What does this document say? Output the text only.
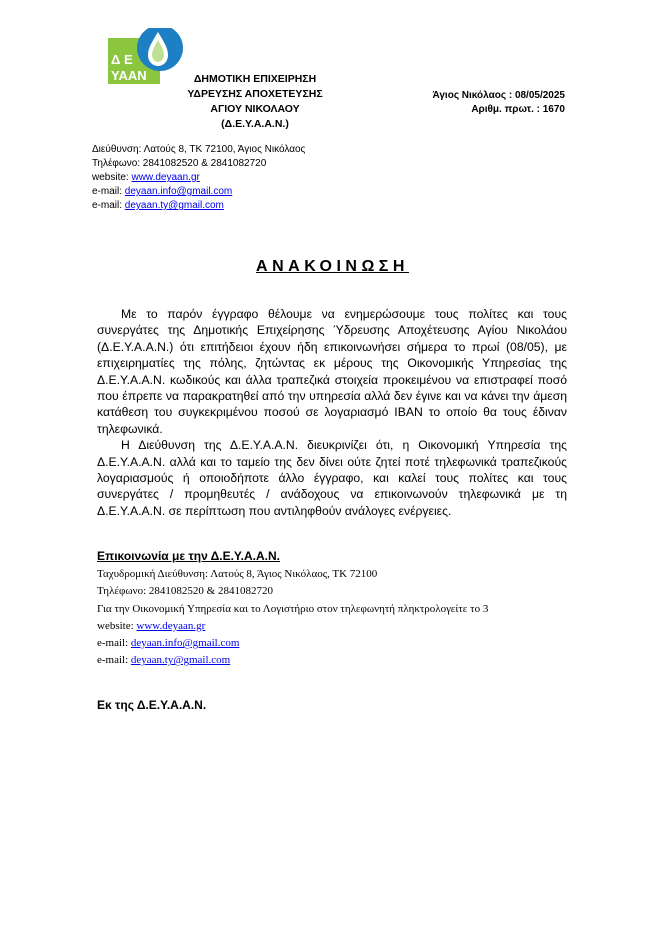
Δ Ε
ΥΑΑΝ	ΔΗΜΟΤΙΚΗ ΕΠΙΧΕΙΡΗΣΗ
ΥΔΡΕΥΣΗΣ ΑΠΟΧΕΤΕΥΣΗΣ
ΑΓΙΟΥ ΝΙΚΟΛΑΟΥ
(Δ.Ε.Υ.Α.Α.Ν.)
Άγιος Νικόλαος : 08/05/2025
Αριθμ. πρωτ. : 1670
Διεύθυνση: Λατούς 8, ΤΚ 72100, Άγιος Νικόλαος
Τηλέφωνο: 2841082520 & 2841082720
website: www.deyaan.gr
e-mail: deyaan.info@gmail.com
e-mail: deyaan.ty@gmail.com
ΑΝΑΚΟΙΝΩΣΗ

Με το παρόν έγγραφο θέλουμε να ενημερώσουμε τους πολίτες και τους συνεργάτες της Δημοτικής Επιχείρησης Ύδρευσης Αποχέτευσης Αγίου Νικολάου (Δ.Ε.Υ.Α.Α.Ν.) ότι επιτήδειοι έχουν ήδη επικοινωνήσει σήμερα το πρωί (08/05), με επιχειρηματίες της πόλης, ζητώντας εκ μέρους της Οικονομικής Υπηρεσίας της Δ.Ε.Υ.Α.Α.Ν. κωδικούς και άλλα τραπεζικά στοιχεία προκειμένου να επιστραφεί ποσό που έπρεπε να παρακρατηθεί από την υπηρεσία αλλά δεν έγινε και να κάνει την άμεση κατάθεση του συγκεκριμένου ποσού σε λογαριασμό IBAN το οποίο θα τους έδιναν τηλεφωνικά.

Η Διεύθυνση της Δ.Ε.Υ.Α.Α.Ν. διευκρινίζει ότι, η Οικονομική Υπηρεσία της Δ.Ε.Υ.Α.Α.Ν. αλλά και το ταμείο της δεν δίνει ούτε ζητεί ποτέ τηλεφωνικά τραπεζικούς λογαριασμούς ή οποιοδήποτε άλλο έγγραφο, και καλεί τους πολίτες και τους συνεργάτες / προμηθευτές / ανάδοχους να επικοινωνούν τηλεφωνικά με τη Δ.Ε.Υ.Α.Α.Ν. σε περίπτωση που αντιληφθούν ανάλογες ενέργειες.

Επικοινωνία με την Δ.Ε.Υ.Α.Α.Ν.
Ταχυδρομική Διεύθυνση: Λατούς 8, Άγιος Νικόλαος, ΤΚ 72100
Τηλέφωνο: 2841082520 & 2841082720
Για την Οικονομική Υπηρεσία και το Λογιστήριο στον τηλεφωνητή πληκτρολογείτε το 3
website: www.deyaan.gr
e-mail: deyaan.info@gmail.com
e-mail: deyaan.ty@gmail.com
Εκ της Δ.Ε.Υ.Α.Α.Ν.
